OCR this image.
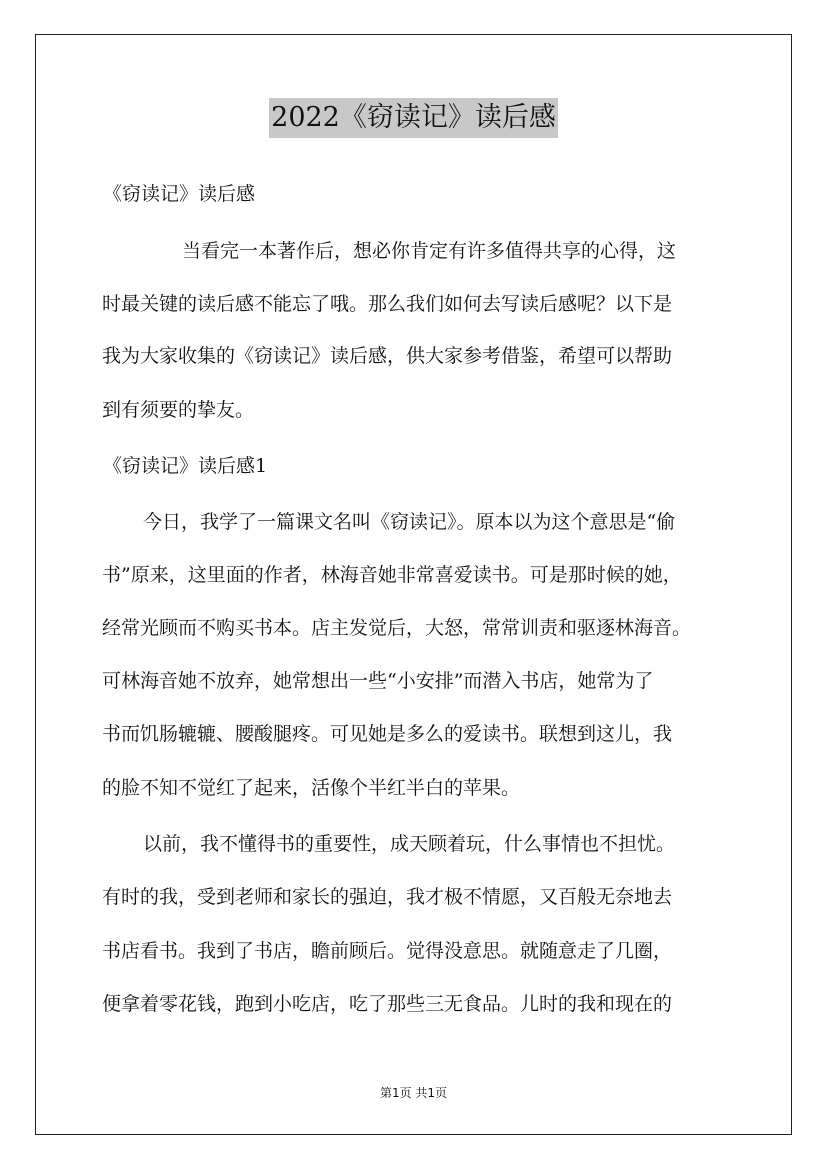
2022《窃读记》读后感
《窃读记》读后感
当看完一本著作后，想必你肯定有许多值得共享的心得，这
时最关键的读后感不能忘了哦。那么我们如何去写读后感呢？以下是
我为大家收集的《窃读记》读后感，供大家参考借鉴，希望可以帮助
到有须要的挚友。
《窃读记》读后感1
今日，我学了一篇课文名叫《窃读记》。原本以为这个意思是“偷
书”原来，这里面的作者，林海音她非常喜爱读书。可是那时候的她，
经常光顾而不购买书本。店主发觉后，大怒，常常训责和驱逐林海音。
可林海音她不放弃，她常想出一些“小安排”而潜入书店，她常为了
书而饥肠辘辘、腰酸腿疼。可见她是多么的爱读书。联想到这儿，我
的脸不知不觉红了起来，活像个半红半白的苹果。
以前，我不懂得书的重要性，成天顾着玩，什么事情也不担忧。
有时的我，受到老师和家长的强迫，我才极不情愿，又百般无奈地去
书店看书。我到了书店，瞻前顾后。觉得没意思。就随意走了几圈，
便拿着零花钱，跑到小吃店，吃了那些三无食品。儿时的我和现在的
第1页 共1页
